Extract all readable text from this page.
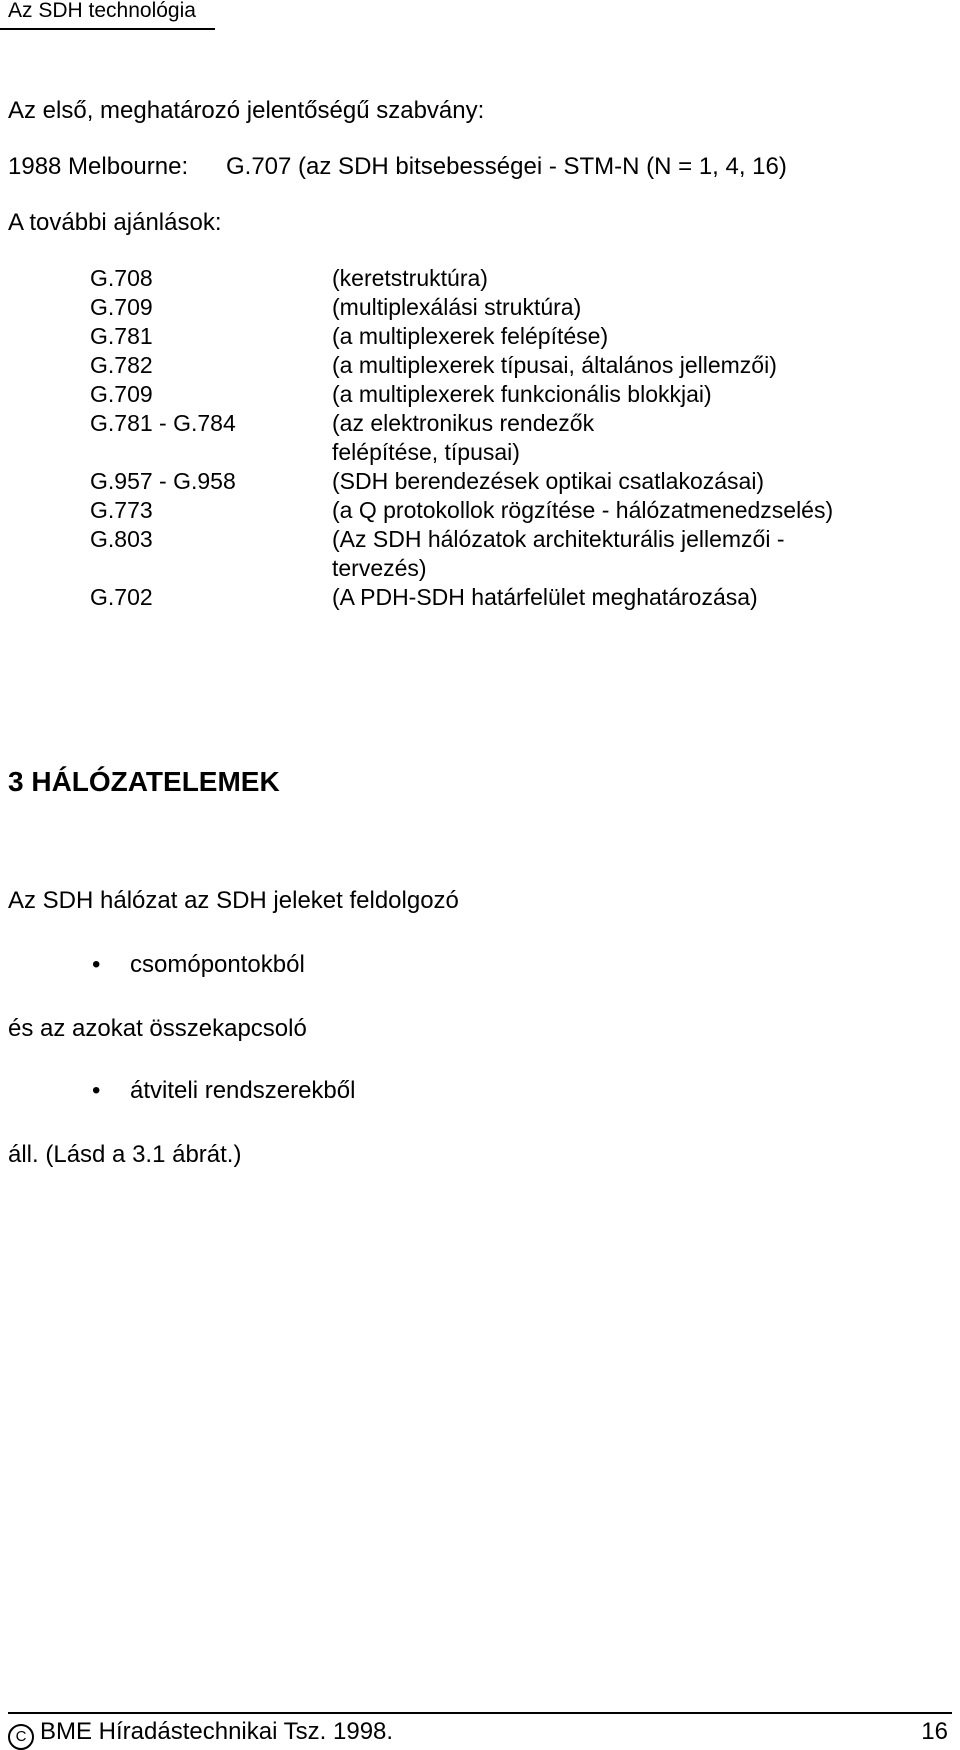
Az SDH technológia
Az első, meghatározó jelentőségű szabvány:
1988 Melbourne: G.707 (az SDH bitsebességei - STM-N (N = 1, 4, 16)
A további ajánlások:
G.708	(keretstruktúra)
G.709	(multiplexálási struktúra)
G.781	(a multiplexerek felépítése)
G.782	(a multiplexerek típusai, általános jellemzői)
G.709	(a multiplexerek funkcionális blokkjai)
G.781 - G.784	(az elektronikus rendezők
felépítése, típusai)
G.957 - G.958	(SDH berendezések optikai csatlakozásai)
G.773	(a Q protokollok rögzítése - hálózatmenedzselés)
G.803	(Az SDH hálózatok architekturális jellemzői -
tervezés)
G.702	(A PDH-SDH határfelület meghatározása)
3 HÁLÓZATELEMEK
Az SDH hálózat az SDH jeleket feldolgozó
• csomópontokból
és az azokat összekapcsoló
• átviteli rendszerekből
áll. (Lásd a 3.1 ábrát.)
C BME Híradástechnikai Tsz. 1998.	16
